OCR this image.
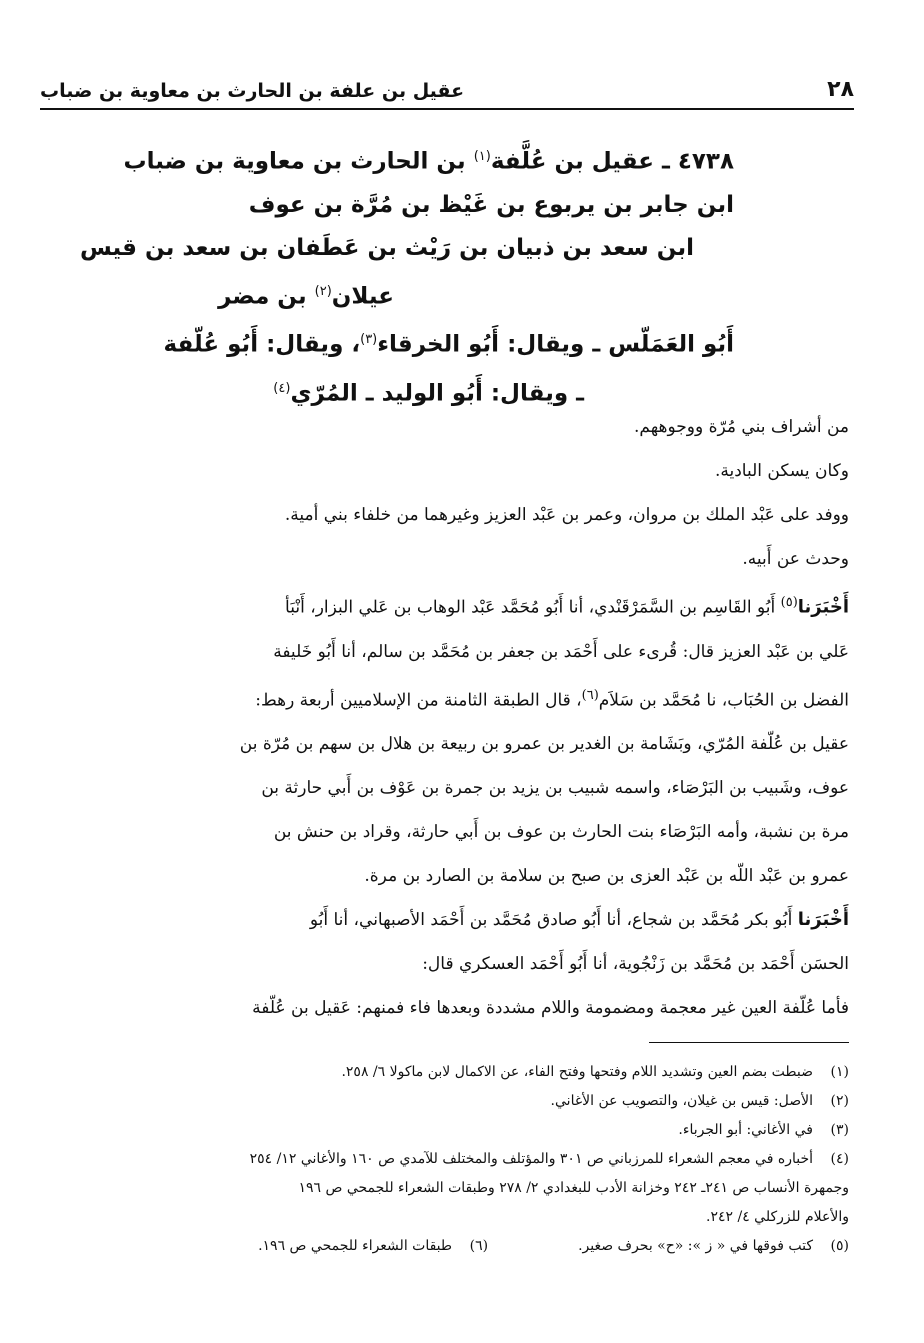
٢٨
عقيل بن علفة بن الحارث بن معاوية بن ضباب
٤٧٣٨ ـ عقيل بن عُلَّفة$^{(١)}$ بن الحارث بن معاوية بن ضباب
ابن جابر بن يربوع بن غَيْظ بن مُرَّة بن عوف
ابن سعد بن ذبيان بن رَيْث بن عَطَفان بن سعد بن قيس
عيلان$^{(٢)}$ بن مضر
أَبُو العَمَلّس ـ ويقال: أَبُو الخرقاء$^{(٣)}$، ويقال: أَبُو عُلّفة
ـ ويقال: أَبُو الوليد ـ المُرّي$^{(٤)}$

من أشراف بني مُرّة ووجوههم.

وكان يسكن البادية.

ووفد على عَبْد الملك بن مروان، وعمر بن عَبْد العزيز وغيرهما من خلفاء بني أمية.

وحدث عن أَبيه.

أَخْبَرَنا$^{(٥)}$ أَبُو القَاسِم بن السَّمَرْقَنْدي، أنا أَبُو مُحَمَّد عَبْد الوهاب بن عَلي البزار، أَنْبَأ

عَلي بن عَبْد العزيز قال: قُرىء على أَحْمَد بن جعفر بن مُحَمَّد بن سالم، أنا أَبُو خَليفة

الفضل بن الحُبَاب، نا مُحَمَّد بن سَلاَم$^{(٦)}$، قال الطبقة الثامنة من الإسلاميين أربعة رهط:

عقيل بن عُلّفة المُرّي، وبَشَامة بن الغدير بن عمرو بن ربيعة بن هلال بن سهم بن مُرّة بن

عوف، وشَبيب بن البَرْصَاء، واسمه شبيب بن يزيد بن جمرة بن عَوْف بن أَبي حارثة بن

مرة بن نشبة، وأمه البَرْصَاء بنت الحارث بن عوف بن أَبي حارثة، وقراد بن حنش بن

عمرو بن عَبْد اللّه بن عَبْد العزى بن صبح بن سلامة بن الصارد بن مرة.

أَخْبَرَنا أَبُو بكر مُحَمَّد بن شجاع، أنا أَبُو صادق مُحَمَّد بن أَحْمَد الأصبهاني، أنا أَبُو

الحسَن أَحْمَد بن مُحَمَّد بن زَنْجُوية، أنا أَبُو أَحْمَد العسكري قال:

فأما عُلّفة العين غير معجمة ومضمومة واللام مشددة وبعدها فاء فمنهم: عَقيل بن عُلّفة

(١)ضبطت بضم العين وتشديد اللام وفتحها وفتح الفاء، عن الاكمال لابن ماكولا ٦/ ٢٥٨.
(٢)الأصل: قيس بن غيلان، والتصويب عن الأغاني.
(٣)في الأغاني: أبو الجرباء.
(٤)أخباره في معجم الشعراء للمرزباني ص ٣٠١ والمؤتلف والمختلف للآمدي ص ١٦٠ والأغاني ١٢/ ٢٥٤
وجمهرة الأنساب ص ٢٤١ـ ٢٤٢ وخزانة الأدب للبغدادي ٢/ ٢٧٨ وطبقات الشعراء للجمحي ص ١٩٦
والأعلام للزركلي ٤/ ٢٤٢.
(٥)كتب فوقها في « ز »: «ح» بحرف صغير.
(٦)طبقات الشعراء للجمحي ص ١٩٦.
